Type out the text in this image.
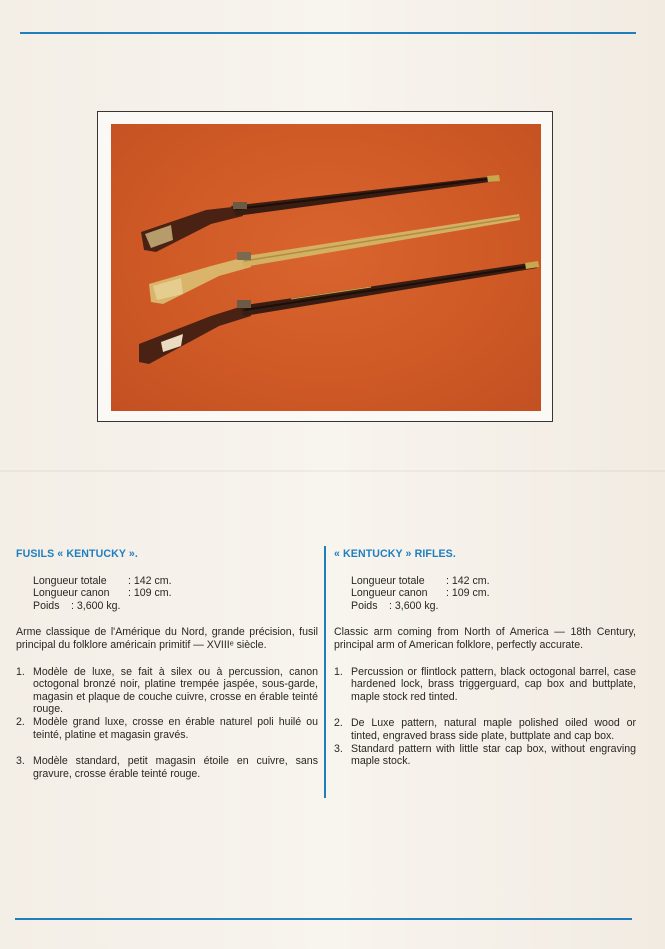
FUSILS « KENTUCKY ».
Longueur totale	: 142 cm.
Longueur canon	: 109 cm.
Poids	: 3,600 kg.

Arme classique de l'Amérique du Nord, grande précision, fusil principal du folklore américain primitif — XVIIIᵉ siècle.

1. Modèle de luxe, se fait à silex ou à percussion, canon octogonal bronzé noir, platine trempée jaspée, sous-garde, magasin et plaque de couche cuivre, crosse en érable teinté rouge.
2. Modèle grand luxe, crosse en érable naturel poli huilé ou teinté, platine et magasin gravés.
3. Modèle standard, petit magasin étoile en cuivre, sans gravure, crosse érable teinté rouge.
« KENTUCKY » RIFLES.
Longueur totale	: 142 cm.
Longueur canon	: 109 cm.
Poids	: 3,600 kg.

Classic arm coming from North of America — 18th Century, principal arm of American folklore, perfectly accurate.

1. Percussion or flintlock pattern, black octogonal barrel, case hardened lock, brass triggerguard, cap box and buttplate, maple stock red tinted.
2. De Luxe pattern, natural maple polished oiled wood or tinted, engraved brass side plate, buttplate and cap box.
3. Standard pattern with little star cap box, without engraving maple stock.
